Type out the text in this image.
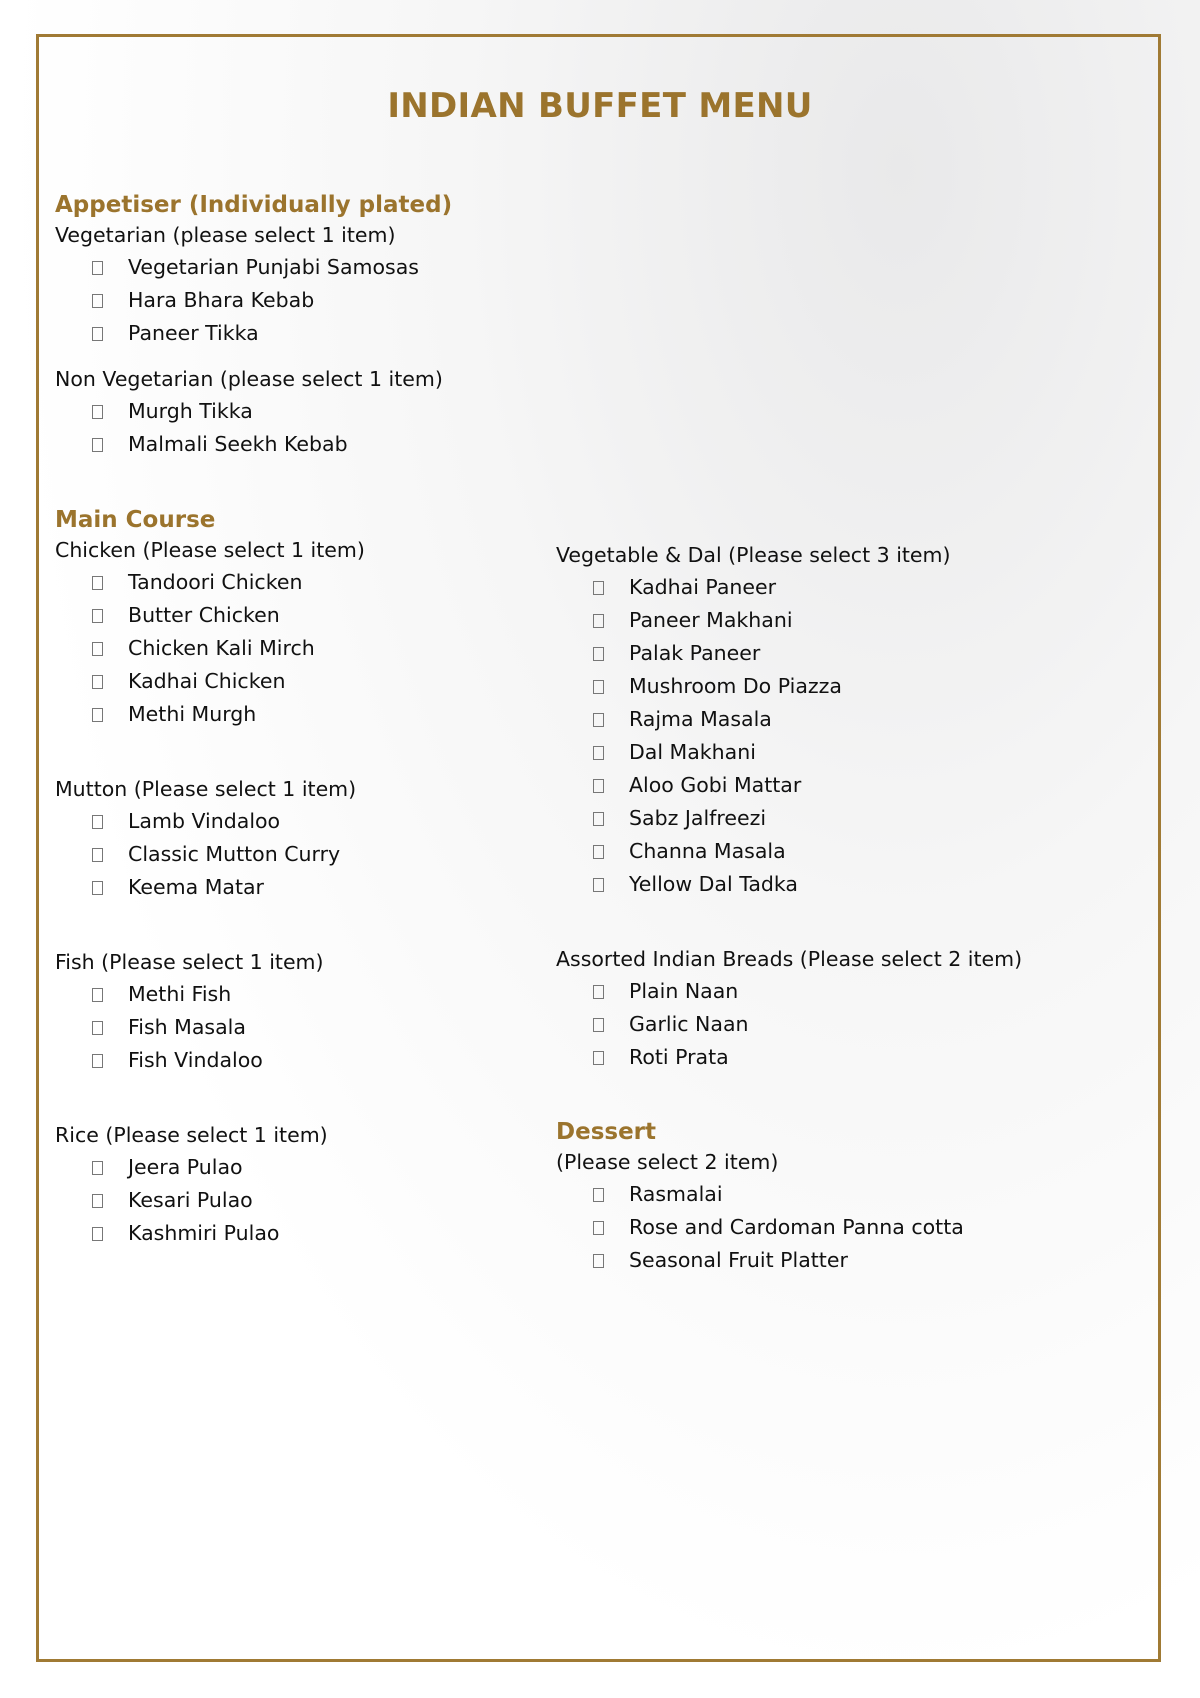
INDIAN BUFFET MENU
Appetiser (Individually plated)

Vegetarian (please select 1 item)

Vegetarian Punjabi Samosas
Hara Bhara Kebab
Paneer Tikka

Non Vegetarian (please select 1 item)

Murgh Tikka
Malmali Seekh Kebab
Main Course

Chicken (Please select 1 item)

Tandoori Chicken
Butter Chicken
Chicken Kali Mirch
Kadhai Chicken
Methi Murgh

Mutton (Please select 1 item)

Lamb Vindaloo
Classic Mutton Curry
Keema Matar

Fish (Please select 1 item)

Methi Fish
Fish Masala
Fish Vindaloo

Rice (Please select 1 item)

Jeera Pulao
Kesari Pulao
Kashmiri Pulao

Vegetable & Dal (Please select 3 item)

Kadhai Paneer
Paneer Makhani
Palak Paneer
Mushroom Do Piazza
Rajma Masala
Dal Makhani
Aloo Gobi Mattar
Sabz Jalfreezi
Channa Masala
Yellow Dal Tadka

Assorted Indian Breads (Please select 2 item)

Plain Naan
Garlic Naan
Roti Prata
Dessert

(Please select 2 item)

Rasmalai
Rose and Cardoman Panna cotta
Seasonal Fruit Platter
